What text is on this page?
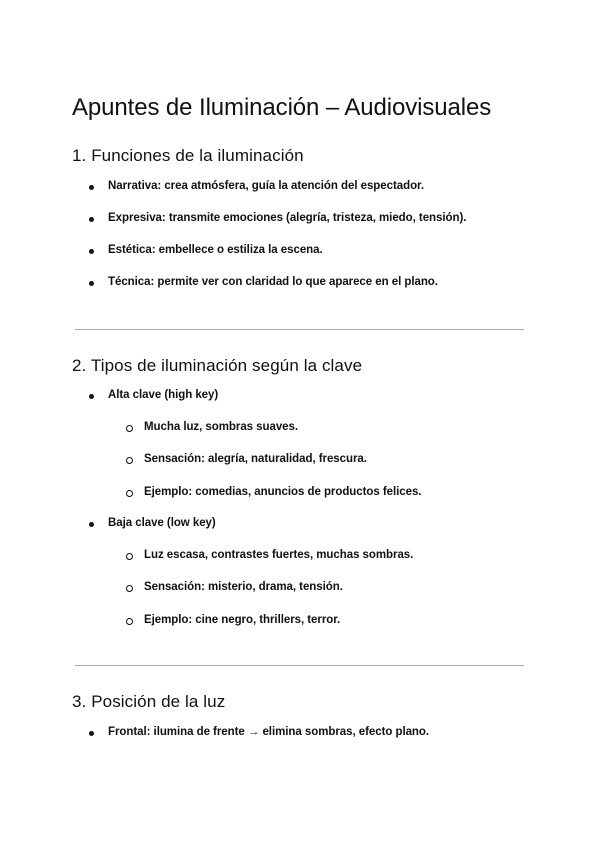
Apuntes de Iluminación – Audiovisuales
1. Funciones de la iluminación

Narrativa: crea atmósfera, guía la atención del espectador.

Expresiva: transmite emociones (alegría, tristeza, miedo, tensión).

Estética: embellece o estiliza la escena.

Técnica: permite ver con claridad lo que aparece en el plano.

2. Tipos de iluminación según la clave

Alta clave (high key)

Mucha luz, sombras suaves.

Sensación: alegría, naturalidad, frescura.

Ejemplo: comedias, anuncios de productos felices.

Baja clave (low key)

Luz escasa, contrastes fuertes, muchas sombras.

Sensación: misterio, drama, tensión.

Ejemplo: cine negro, thrillers, terror.

3. Posición de la luz

Frontal: ilumina de frente → elimina sombras, efecto plano.
